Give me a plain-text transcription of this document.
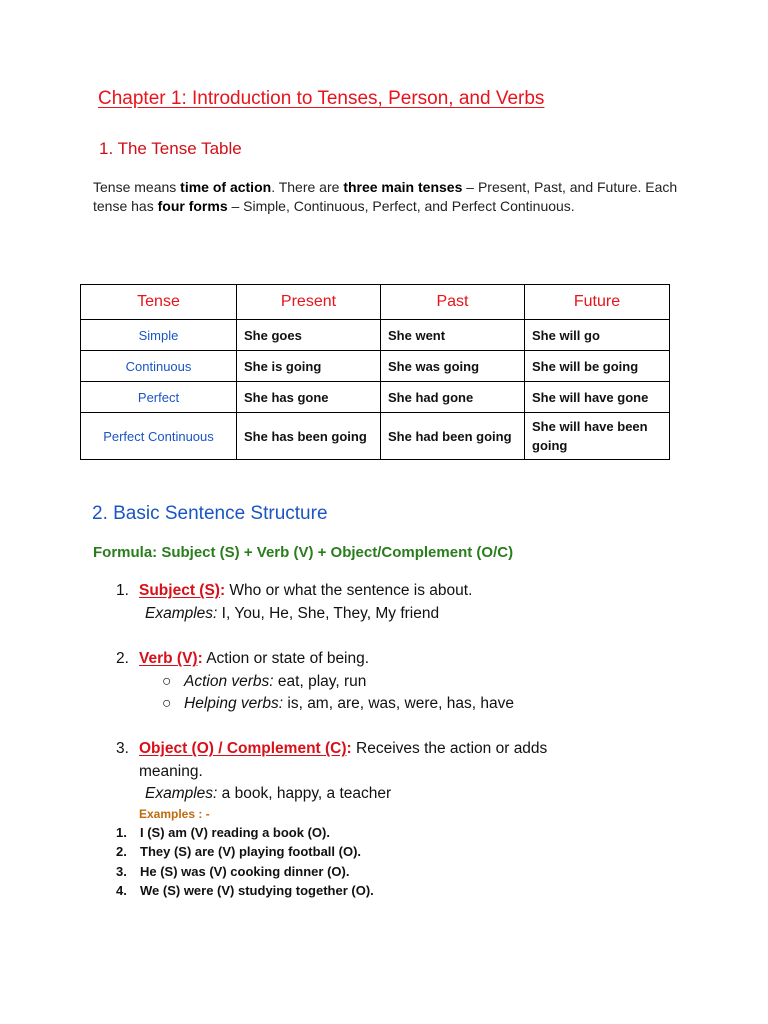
Chapter 1: Introduction to Tenses, Person, and Verbs
1. The Tense Table
Tense means time of action. There are three main tenses – Present, Past, and Future. Each tense has four forms – Simple, Continuous, Perfect, and Perfect Continuous.
Tense	Present	Past	Future
Simple	She goes	She went	She will go
Continuous	She is going	She was going	She will be going
Perfect	She has gone	She had gone	She will have gone
Perfect Continuous	She has been going	She had been going	She will have been going
2. Basic Sentence Structure
Formula: Subject (S) + Verb (V) + Object/Complement (O/C)
1. Subject (S): Who or what the sentence is about.
Examples: I, You, He, She, They, My friend
2. Verb (V): Action or state of being.
○ Action verbs: eat, play, run
○ Helping verbs: is, am, are, was, were, has, have
3. Object (O) / Complement (C): Receives the action or adds
meaning.
Examples: a book, happy, a teacher
Examples : -
1. I (S) am (V) reading a book (O).
2. They (S) are (V) playing football (O).
3. He (S) was (V) cooking dinner (O).
4. We (S) were (V) studying together (O).
